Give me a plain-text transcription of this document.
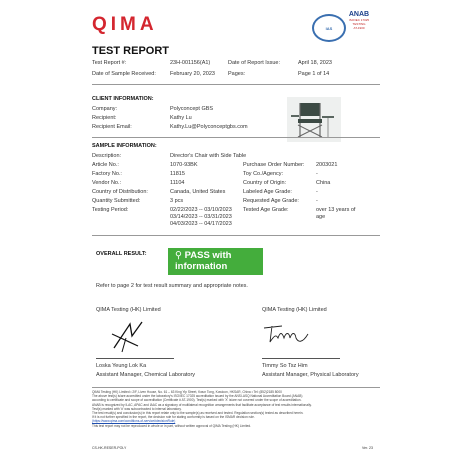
QIMA	IAS
ANAB
ISO/IEC 17025 TESTING
AT-1900
TEST REPORT
Test Report #:	23H-001156(A1)	Date of Report Issue:	April 18, 2023
Date of Sample Received:	February 20, 2023 Pages:	Page 1 of 14
CLIENT INFORMATION:
Company:	Polyconcept GBS
Recipient:	Kathy Lu
Recipient Email:	Kathy.Lu@Polyconceptgbs.com
SAMPLE INFORMATION:
Description:	Director's Chair with Side Table
Article No.:	1070-93BK	Purchase Order Number: 2003021
Factory No.:	11815	Toy Co./Agency:	-
Vendor No.:	11104	Country of Origin:	China
Country of Distribution:	Canada, United States	Labeled Age Grade:	-
Quantity Submitted:	3 pcs	Requested Age Grade:	-
Testing Period:	02/22/2023 -- 03/10/2023
03/14/2023 -- 03/31/2023
04/03/2023 -- 04/17/2023
Tested Age Grade:	over 13 years of
age
OVERALL RESULT:	⚲ PASS with
information
Refer to page 2 for test result summary and appropriate notes.
QIMA Testing (HK) Limited	QIMA Testing (HK) Limited
Loska Yeung Lok Ka
Assistant Manager, Chemical Laboratory
Timmy So Tsz Him
Assistant Manager, Physical Laboratory
QIMA Testing (HK) Limited • 2/F, Liven House, No. 61 – 63 King Yip Street, Kwun Tong, Kowloon, HKSAR, China • Tel: (852)2185 8000
The above test(s) is/are accredited under the laboratory's ISO/IEC 17025 accreditation issued by the ANSI-ASQ National Accreditation Board (ANAB)
according to certificate and scope of accreditation (Certificate # AT-1900). Test(s) marked with 'X' is/are not covered under the scope of accreditation.
ANAB is recognized by ILAC, APAC and IAAC as a signatory of multilateral recognition arrangements that facilitate acceptance of test results internationally.
Test(s) marked with '#' was subcontracted to internal laboratory.
The test result(s) and conclusion(s) in this report relate only to the sample(s) as received and tested. Regulation section(s) tested as described herein.
If it is not further specified in the report, the decision rule for stating conformity is based on the ISMAR decision rule.
(https://www.qima.com/conditions-of-service#decisionRule)
This test report may not be reproduced in whole or in part, without written approval of QIMA Testing (HK) Limited.
CS-HK-RESER-POLY	Ver. 23
